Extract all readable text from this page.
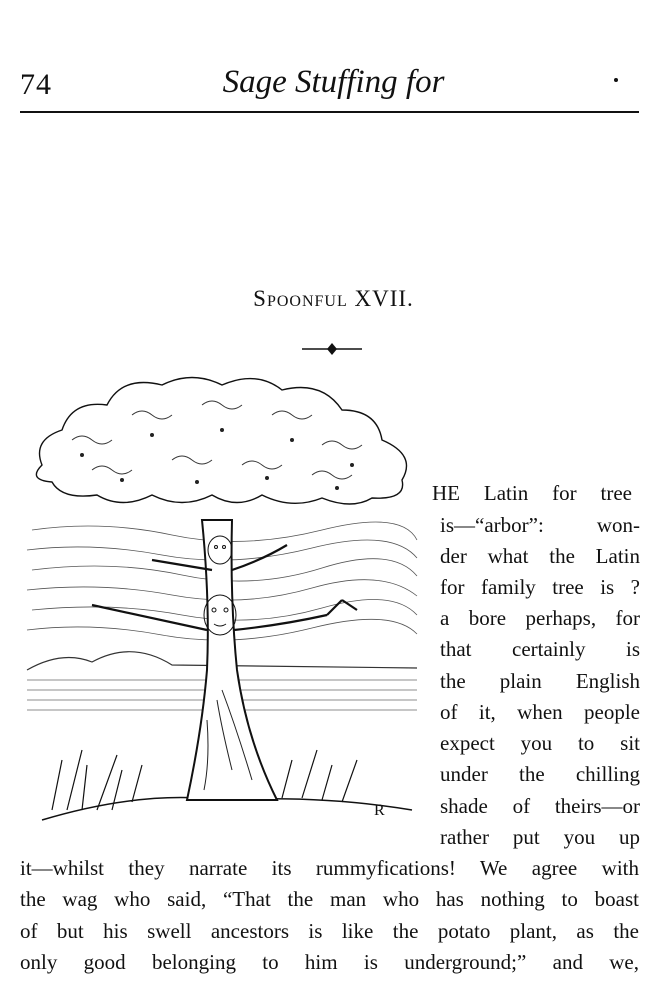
74	Sage Stuffing for
Spoonful XVII.
R
HE Latin for tree
is—“arbor”: won-
der what the Latin
for family tree is ?
a bore perhaps, for
that certainly is
the plain English
of it, when people
expect you to sit
under the chilling
shade of theirs—or
rather put you up
it—whilst they narrate its rummyfications! We agree with
the wag who said, “That the man who has nothing to boast
of but his swell ancestors is like the potato plant, as the
only good belonging to him is underground;” and we,
